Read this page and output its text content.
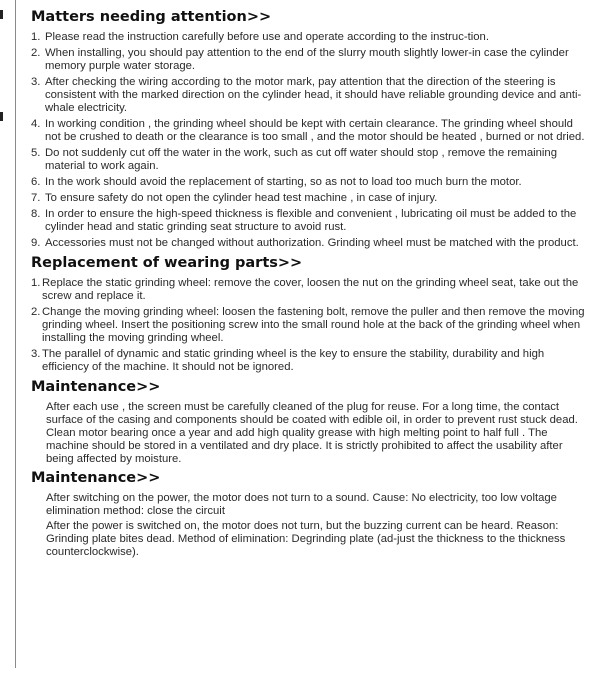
Matters needing attention>>
1. Please read the instruction carefully before use and operate according to the instruc-tion.
2. When installing, you should pay attention to the end of the slurry mouth slightly lower-in case the cylinder memory purple water storage.
3. After checking the wiring according to the motor mark, pay attention that the direction of the steering is consistent with the marked direction on the cylinder head, it should have reliable grounding device and anti-whale electricity.
4. In working condition , the grinding wheel should be kept with certain clearance. The grinding wheel should not be crushed to death or the clearance is too small , and the motor should be heated , burned or not dried.
5. Do not suddenly cut off the water in the work, such as cut off water should stop , remove the remaining material to work again.
6. In the work should avoid the replacement of starting, so as not to load too much burn the motor.
7. To ensure safety do not open the cylinder head test machine , in case of injury.
8. In order to ensure the high-speed thickness is flexible and convenient , lubricating oil must be added to the cylinder head and static grinding seat structure to avoid rust.
9. Accessories must not be changed without authorization. Grinding wheel must be matched with the product.
Replacement of wearing parts>>
1. Replace the static grinding wheel: remove the cover, loosen the nut on the grinding wheel seat, take out the screw and replace it.
2. Change the moving grinding wheel: loosen the fastening bolt, remove the puller and then remove the moving grinding wheel. Insert the positioning screw into the small round hole at the back of the grinding wheel when installing the moving grinding wheel.
3. The parallel of dynamic and static grinding wheel is the key to ensure the stability, durability and high efficiency of the machine. It should not be ignored.
Maintenance>>
After each use , the screen must be carefully cleaned of the plug for reuse. For a long time, the contact surface of the casing and components should be coated with edible oil, in order to prevent rust stuck dead. Clean motor bearing once a year and add high quality grease with high melting point to half full . The machine should be stored in a ventilated and dry place. It is strictly prohibited to affect the usability after being affected by moisture.
Maintenance>>
After switching on the power, the motor does not turn to a sound. Cause: No electricity, too low voltage elimination method: close the circuit
After the power is switched on, the motor does not turn, but the buzzing current can be heard. Reason: Grinding plate bites dead. Method of elimination: Degrinding plate (ad-just the thickness to the thickness counterclockwise).
